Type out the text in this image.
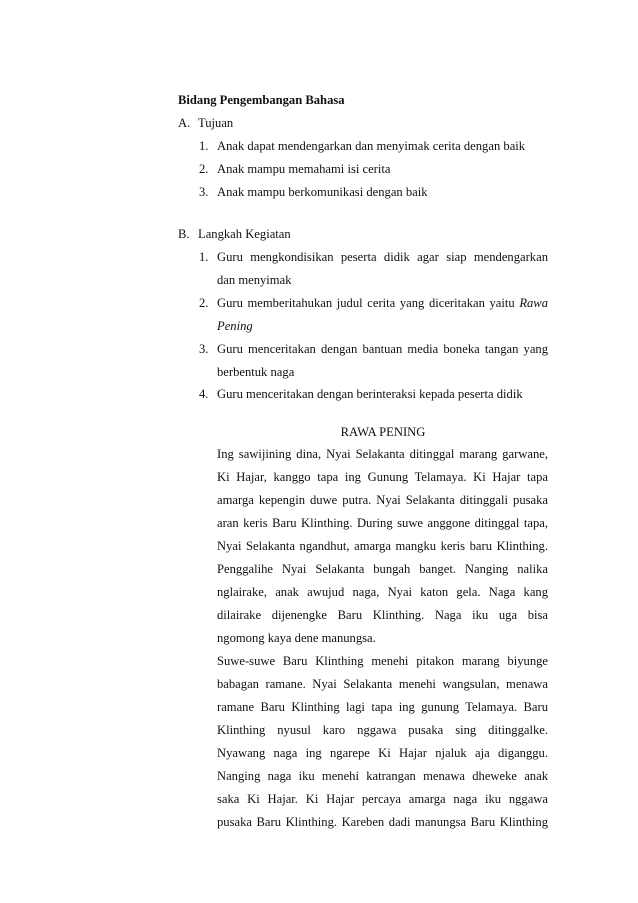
Bidang Pengembangan Bahasa
A. Tujuan
1. Anak dapat mendengarkan dan menyimak cerita dengan baik
2. Anak mampu memahami isi cerita
3. Anak mampu berkomunikasi dengan baik
B. Langkah Kegiatan
1. Guru mengkondisikan peserta didik agar siap mendengarkan
dan menyimak
2. Guru memberitahukan judul cerita yang diceritakan yaitu Rawa
Pening
3. Guru menceritakan dengan bantuan media boneka tangan yang
berbentuk naga
4. Guru menceritakan dengan berinteraksi kepada peserta didik
RAWA PENING
Ing sawijining dina, Nyai Selakanta ditinggal marang garwane,
Ki Hajar, kanggo tapa ing Gunung Telamaya. Ki Hajar tapa
amarga kepengin duwe putra. Nyai Selakanta ditinggali pusaka
aran keris Baru Klinthing. During suwe anggone ditinggal tapa,
Nyai Selakanta ngandhut, amarga mangku keris baru Klinthing.
Penggalihe Nyai Selakanta bungah banget. Nanging nalika
nglairake, anak awujud naga, Nyai katon gela. Naga kang
dilairake dijenengke Baru Klinthing. Naga iku uga bisa
ngomong kaya dene manungsa.
Suwe-suwe Baru Klinthing menehi pitakon marang biyunge
babagan ramane. Nyai Selakanta menehi wangsulan, menawa
ramane Baru Klinthing lagi tapa ing gunung Telamaya. Baru
Klinthing nyusul karo nggawa pusaka sing ditinggalke.
Nyawang naga ing ngarepe Ki Hajar njaluk aja diganggu.
Nanging naga iku menehi katrangan menawa dheweke anak
saka Ki Hajar. Ki Hajar percaya amarga naga iku nggawa
pusaka Baru Klinthing. Kareben dadi manungsa Baru Klinthing
